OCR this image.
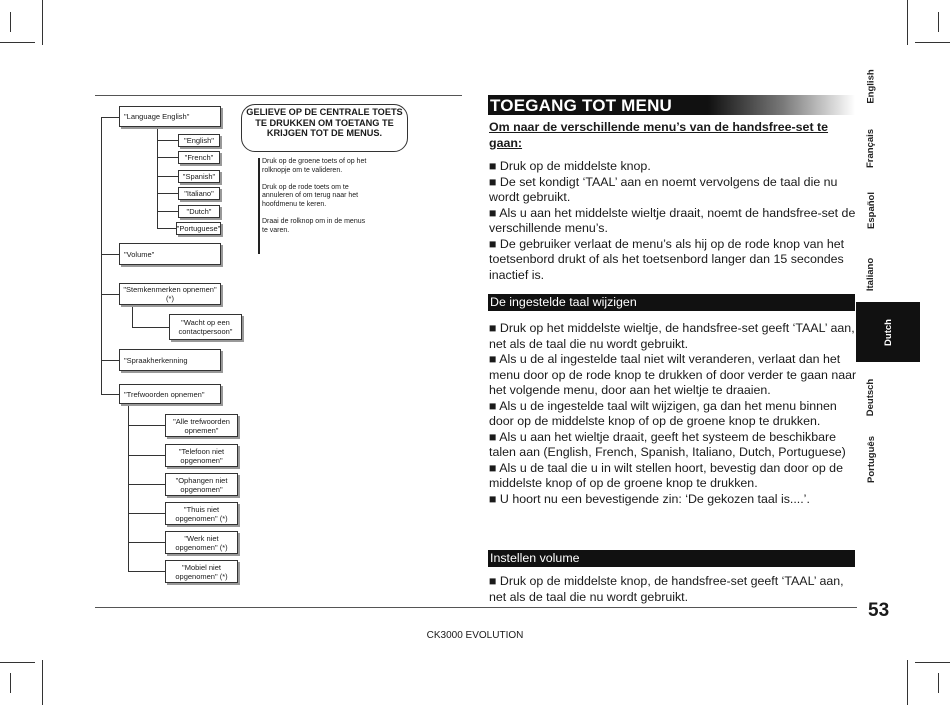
"Language English"
"English"
"French"
"Spanish"
"Italiano"
"Dutch"
"Portuguese"
"Volume"
"Stemkenmerken opnemen" (*)
"Wacht op een contactpersoon"
"Spraakherkenning
"Trefwoorden opnemen"
"Alle trefwoorden opnemen"
"Telefoon niet opgenomen"
"Ophangen niet opgenomen"
"Thuis niet opgenomen" (*)
"Werk niet opgenomen" (*)
"Mobiel niet opgenomen" (*)
GELIEVE OP DE CENTRALE TOETS TE DRUKKEN OM TOETANG TE KRIJGEN TOT DE MENUS.

Druk op de groene toets of op het rolknopje om te valideren.

Druk op de rode toets om te annuleren of om terug naar het hoofdmenu te keren.

Draai de rolknop om in de menus te varen.

TOEGANG TOT MENU
Om naar de verschillende menu’s van de handsfree-set te gaan:

■ Druk op de middelste knop.

■ De set kondigt ‘TAAL’ aan en noemt vervolgens de taal die nu wordt gebruikt.

■ Als u aan het middelste wieltje draait, noemt de handsfree-set de verschillende menu’s.

■ De gebruiker verlaat de menu’s als hij op de rode knop van het toetsenbord drukt of als het toetsenbord langer dan 15 secondes inactief is.

De ingestelde taal wijzigen

■ Druk op het middelste wieltje, de handsfree-set geeft ‘TAAL’ aan, net als de taal die nu wordt gebruikt.

■ Als u de al ingestelde taal niet wilt veranderen, verlaat dan het menu door op de rode knop te drukken of door verder te gaan naar het volgende menu, door aan het wieltje te draaien.

■ Als u de ingestelde taal wilt wijzigen, ga dan het menu binnen door op de middelste knop of op de groene knop te drukken.

■ Als u aan het wieltje draait, geeft het systeem de beschikbare talen aan (English, French, Spanish, Italiano, Dutch, Portuguese)

■ Als u de taal die u in wilt stellen hoort, bevestig dan door op de middelste knop of op de groene knop te drukken.

■ U hoort nu een bevestigende zin: ‘De gekozen taal is....’.

Instellen volume

■ Druk op de middelste knop, de handsfree-set geeft ‘TAAL’ aan, net als de taal die nu wordt gebruikt.

English
Français
Español
Italiano
Dutch
Deutsch
Português
53
CK3000 EVOLUTION
